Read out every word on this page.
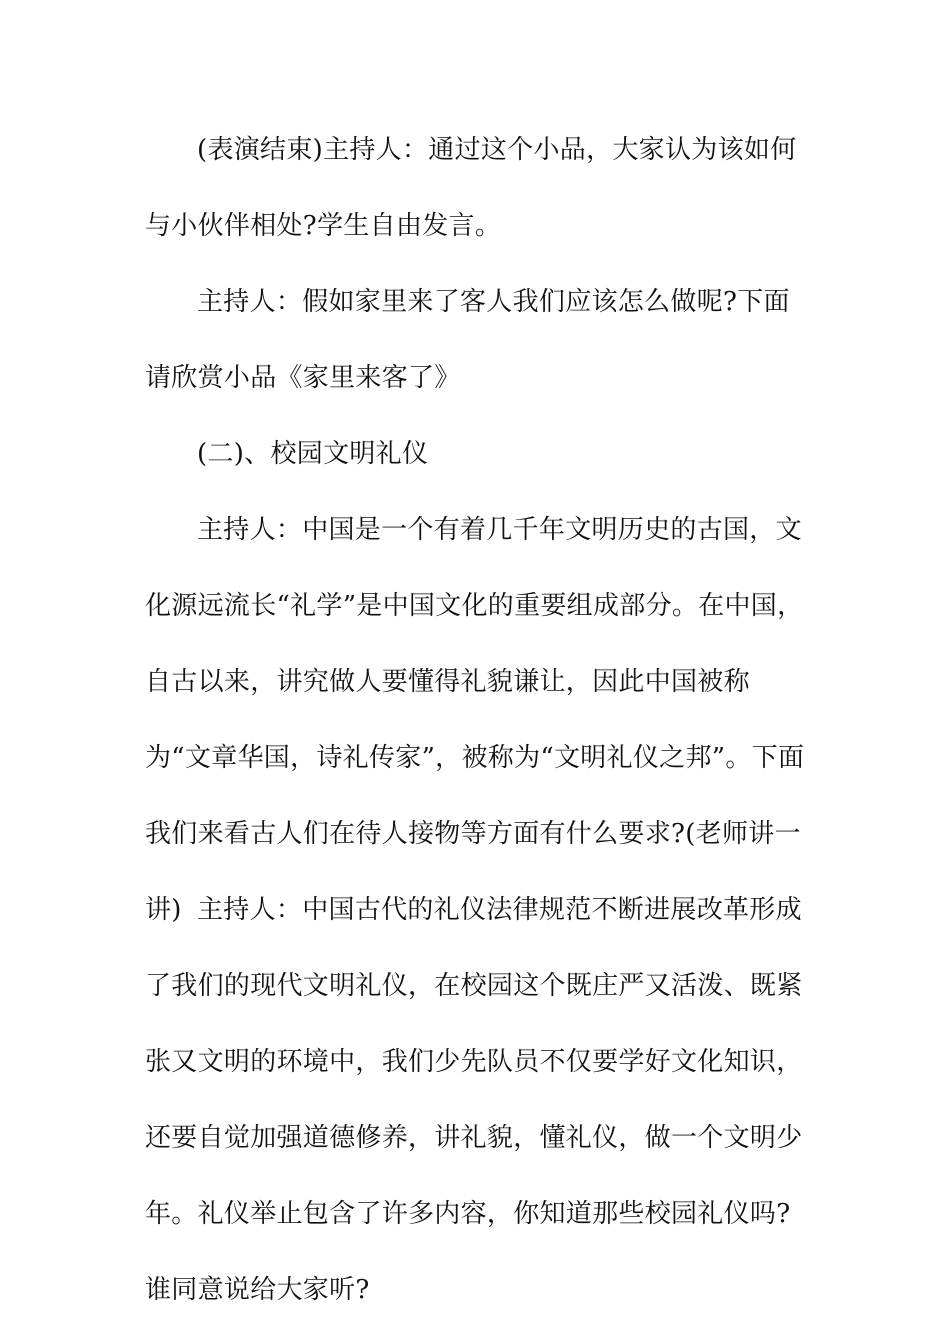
(表演结束)主持人：通过这个小品，大家认为该如何与小伙伴相处?学生自由发言。

主持人：假如家里来了客人我们应该怎么做呢?下面请欣赏小品《家里来客了》

(二)、校园文明礼仪

主持人：中国是一个有着几千年文明历史的古国，文化源远流长“礼学”是中国文化的重要组成部分。在中国，自古以来，讲究做人要懂得礼貌谦让，因此中国被称为“文章华国，诗礼传家”，被称为“文明礼仪之邦”。下面我们来看古人们在待人接物等方面有什么要求?(老师讲一讲) 主持人：中国古代的礼仪法律规范不断进展改革形成了我们的现代文明礼仪，在校园这个既庄严又活泼、既紧张又文明的环境中，我们少先队员不仅要学好文化知识，还要自觉加强道德修养，讲礼貌，懂礼仪，做一个文明少年。礼仪举止包含了许多内容，你知道那些校园礼仪吗?谁同意说给大家听?
